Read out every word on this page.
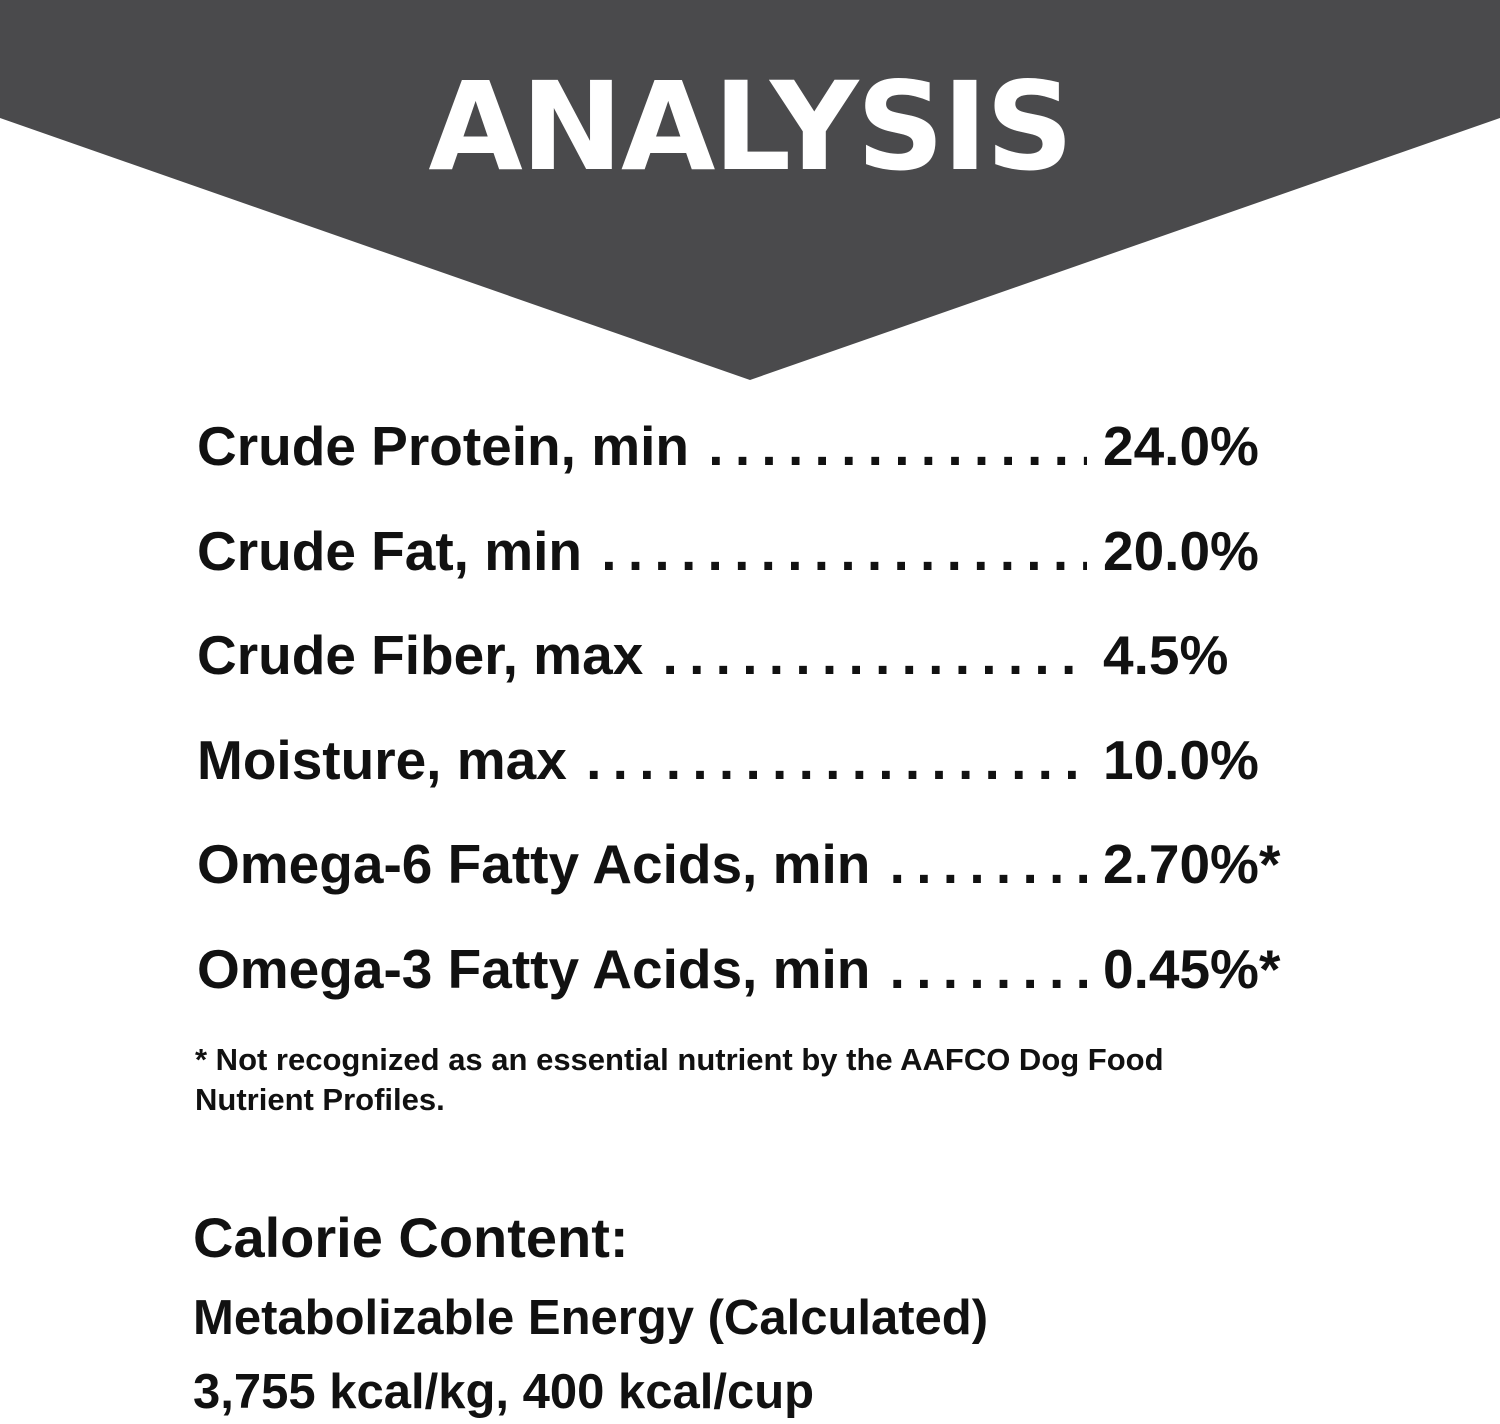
ANALYSIS
Crude Protein, min . . .	24.0%
Crude Fat, min . . .	20.0%
Crude Fiber, max . . .	4.5%
Moisture, max . . .	10.0%
Omega-6 Fatty Acids, min . . .	2.70%*
Omega-3 Fatty Acids, min . . .	0.45%*
* Not recognized as an essential nutrient by the AAFCO Dog Food Nutrient Profiles.
Calorie Content:
Metabolizable Energy (Calculated)
3,755 kcal/kg, 400 kcal/cup
